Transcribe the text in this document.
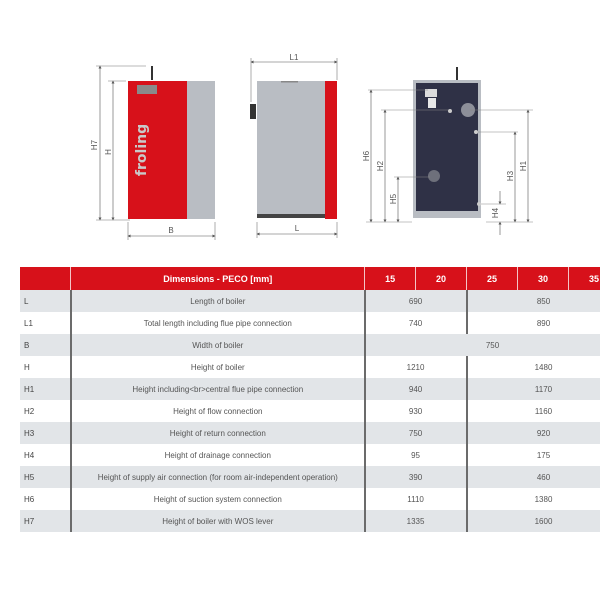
froling
H7
H
B
L1
L
H6
H2
H5
H1
H3
H4
	Dimensions - PECO [mm]	15	20	25	30	35
L	Length of boiler	690		850		
L1	Total length including flue pipe connection	740		890		
B	Width of boiler	750				
H	Height of boiler	1210		1480		
H1	Height including<br>central flue pipe connection	940		1170		
H2	Height of flow connection	930		1160		
H3	Height of return connection	750		920		
H4	Height of drainage connection	95		175		
H5	Height of supply air connection (for room air-independent operation)	390		460		
H6	Height of suction system connection	1110		1380		
H7	Height of boiler with WOS lever	1335		1600		
